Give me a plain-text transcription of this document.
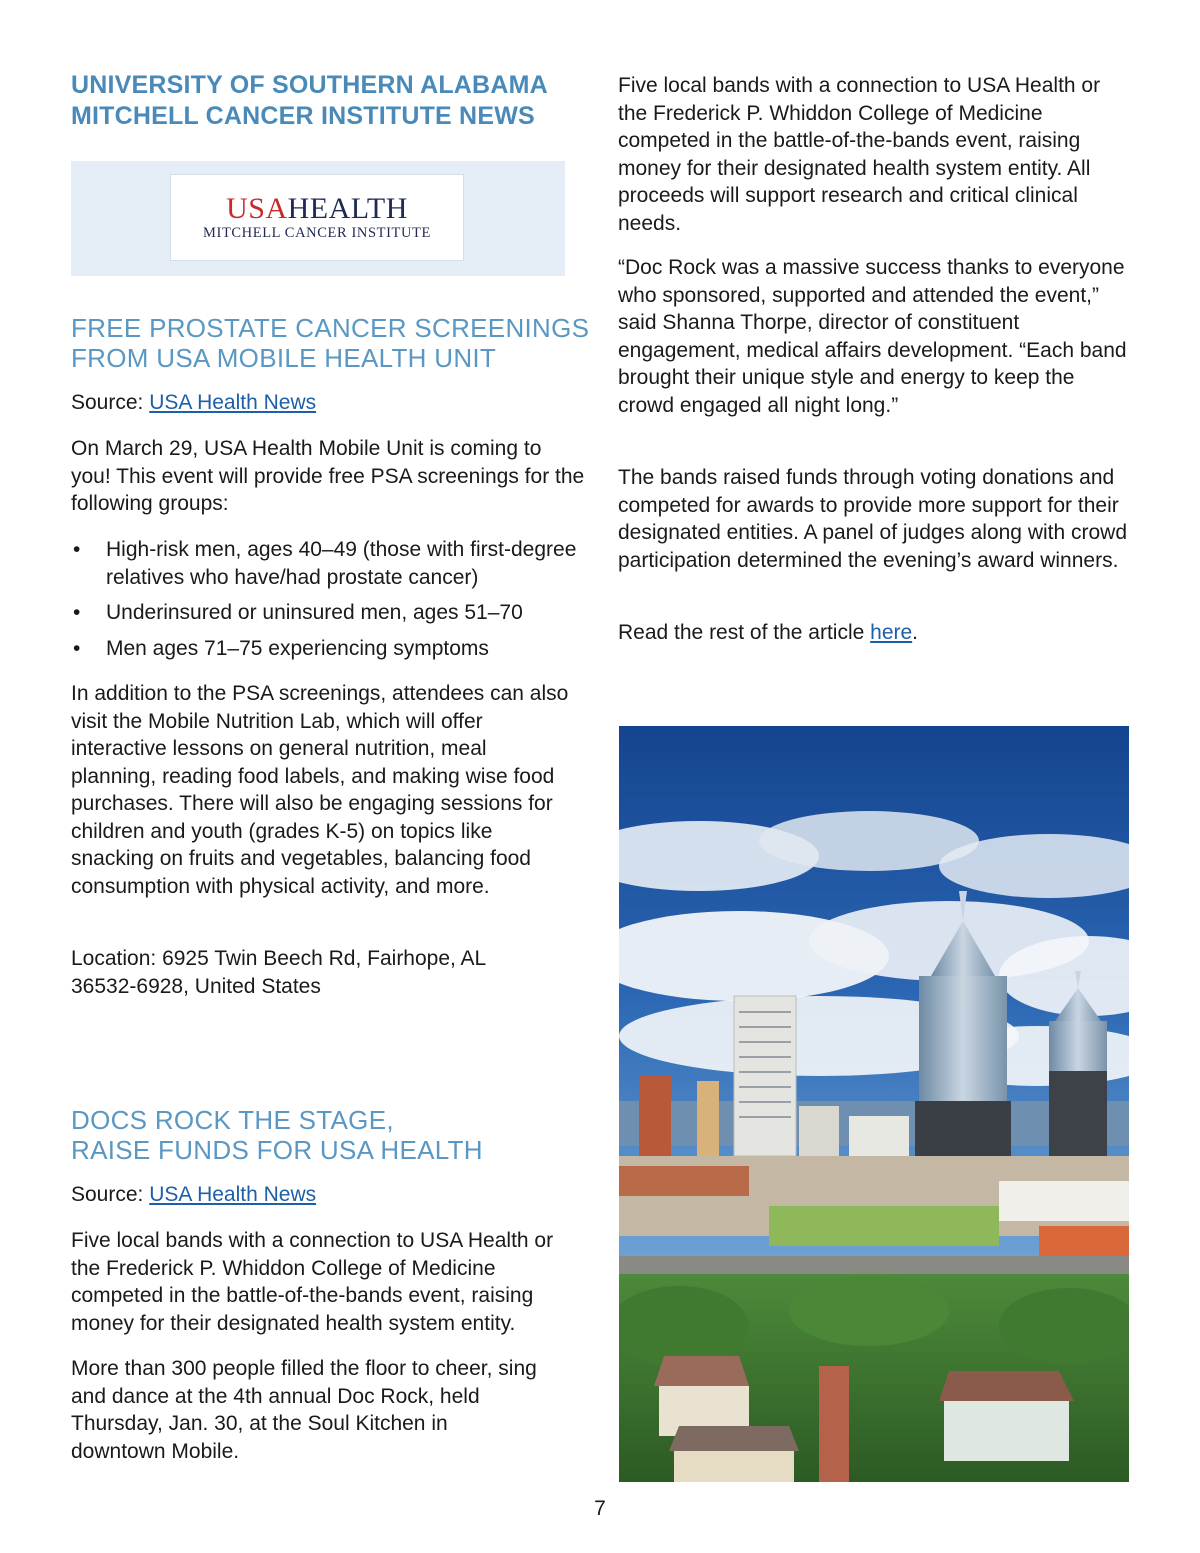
UNIVERSITY OF SOUTHERN ALABAMA

MITCHELL CANCER INSTITUTE NEWS

USAHEALTH
MITCHELL CANCER INSTITUTE
FREE PROSTATE CANCER SCREENINGS
FROM USA MOBILE HEALTH UNIT

Source: USA Health News

On March 29, USA Health Mobile Unit is coming to you! This event will provide free PSA screenings for the following groups:

• High-risk men, ages 40–49 (those with first-degree relatives who have/had prostate cancer)
• Underinsured or uninsured men, ages 51–70
• Men ages 71–75 experiencing symptoms

In addition to the PSA screenings, attendees can also visit the Mobile Nutrition Lab, which will offer interactive lessons on general nutrition, meal planning, reading food labels, and making wise food purchases. There will also be engaging sessions for children and youth (grades K-5) on topics like snacking on fruits and vegetables, balancing food consumption with physical activity, and more.

Location: 6925 Twin Beech Rd, Fairhope, AL 36532-6928, United States

DOCS ROCK THE STAGE,
RAISE FUNDS FOR USA HEALTH

Source: USA Health News

Five local bands with a connection to USA Health or the Frederick P. Whiddon College of Medicine competed in the battle-of-the-bands event, raising money for their designated health system entity.

More than 300 people filled the floor to cheer, sing and dance at the 4th annual Doc Rock, held Thursday, Jan. 30, at the Soul Kitchen in downtown Mobile.

Five local bands with a connection to USA Health or the Frederick P. Whiddon College of Medicine competed in the battle-of-the-bands event, raising money for their designated health system entity. All proceeds will support research and critical clinical needs.

“Doc Rock was a massive success thanks to everyone who sponsored, supported and attended the event,” said Shanna Thorpe, director of constituent engagement, medical affairs development. “Each band brought their unique style and energy to keep the crowd engaged all night long.”

The bands raised funds through voting donations and competed for awards to provide more support for their designated entities. A panel of judges along with crowd participation determined the evening’s award winners.

Read the rest of the article here.

7
